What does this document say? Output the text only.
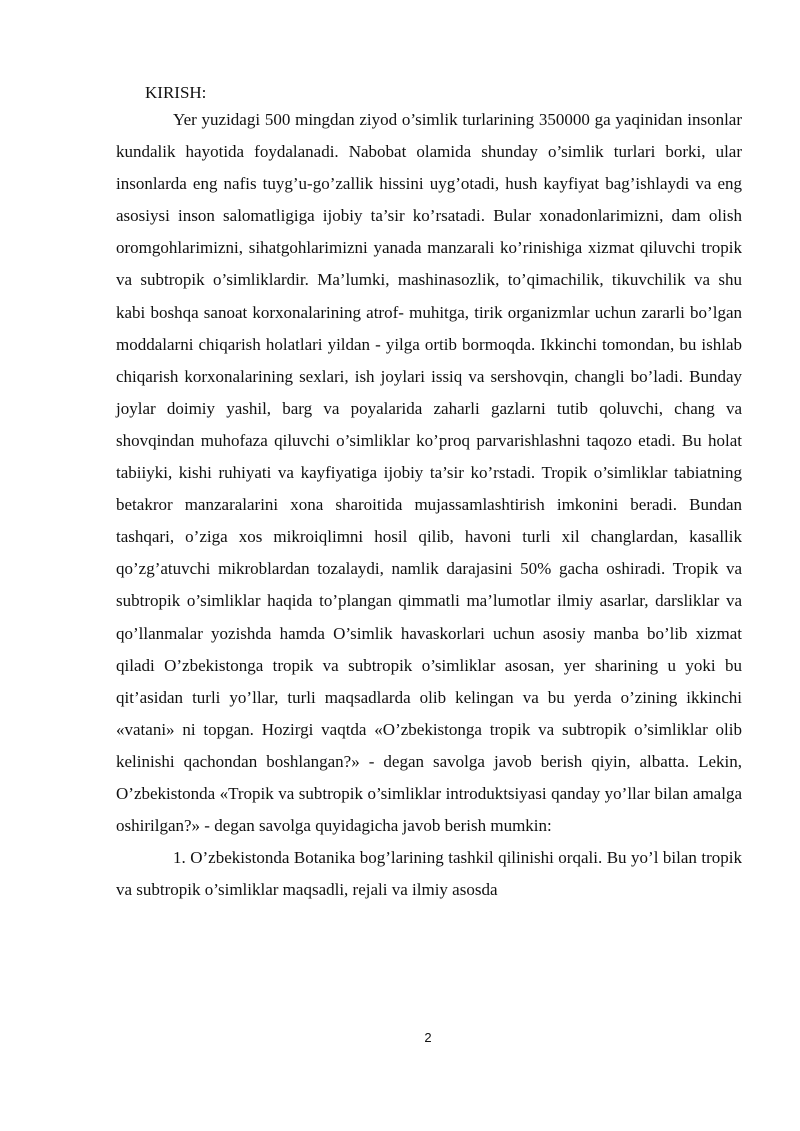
KIRISH:

Yer yuzidagi 500 mingdan ziyod o’simlik turlarining 350000 ga yaqinidan insonlar kundalik hayotida foydalanadi. Nabobat olamida shunday o’simlik turlari borki, ular insonlarda eng nafis tuyg’u-go’zallik hissini uyg’otadi, hush kayfiyat bag’ishlaydi va eng asosiysi inson salomatligiga ijobiy ta’sir ko’rsatadi. Bular xonadonlarimizni, dam olish oromgohlarimizni, sihatgohlarimizni yanada manzarali ko’rinishiga xizmat qiluvchi tropik va subtropik o’simliklardir. Ma’lumki, mashinasozlik, to’qimachilik, tikuvchilik va shu kabi boshqa sanoat korxonalarining atrof- muhitga, tirik organizmlar uchun zararli bo’lgan moddalarni chiqarish holatlari yildan - yilga ortib bormoqda. Ikkinchi tomondan, bu ishlab chiqarish korxonalarining sexlari, ish joylari issiq va sershovqin, changli bo’ladi. Bunday joylar doimiy yashil, barg va poyalarida zaharli gazlarni tutib qoluvchi, chang va shovqindan muhofaza qiluvchi o’simliklar ko’proq parvarishlashni taqozo etadi. Bu holat tabiiyki, kishi ruhiyati va kayfiyatiga ijobiy ta’sir ko’rstadi. Tropik o’simliklar tabiatning betakror manzaralarini xona sharoitida mujassamlashtirish imkonini beradi. Bundan tashqari, o’ziga xos mikroiqlimni hosil qilib, havoni turli xil changlardan, kasallik qo’zg’atuvchi mikroblardan tozalaydi, namlik darajasini 50% gacha oshiradi. Tropik va subtropik o’simliklar haqida to’plangan qimmatli ma’lumotlar ilmiy asarlar, darsliklar va qo’llanmalar yozishda hamda O’simlik havaskorlari uchun asosiy manba bo’lib xizmat qiladi O’zbekistonga tropik va subtropik o’simliklar asosan, yer sharining u yoki bu qit’asidan turli yo’llar, turli maqsadlarda olib kelingan va bu yerda o’zining ikkinchi «vatani» ni topgan. Hozirgi vaqtda «O’zbekistonga tropik va subtropik o’simliklar olib kelinishi qachondan boshlangan?» - degan savolga javob berish qiyin, albatta. Lekin, O’zbekistonda «Tropik va subtropik o’simliklar introduktsiyasi qanday yo’llar bilan amalga oshirilgan?» - degan savolga quyidagicha javob berish mumkin:

1. O’zbekistonda Botanika bog’larining tashkil qilinishi orqali. Bu yo’l bilan tropik va subtropik o’simliklar maqsadli, rejali va ilmiy asosda

2
